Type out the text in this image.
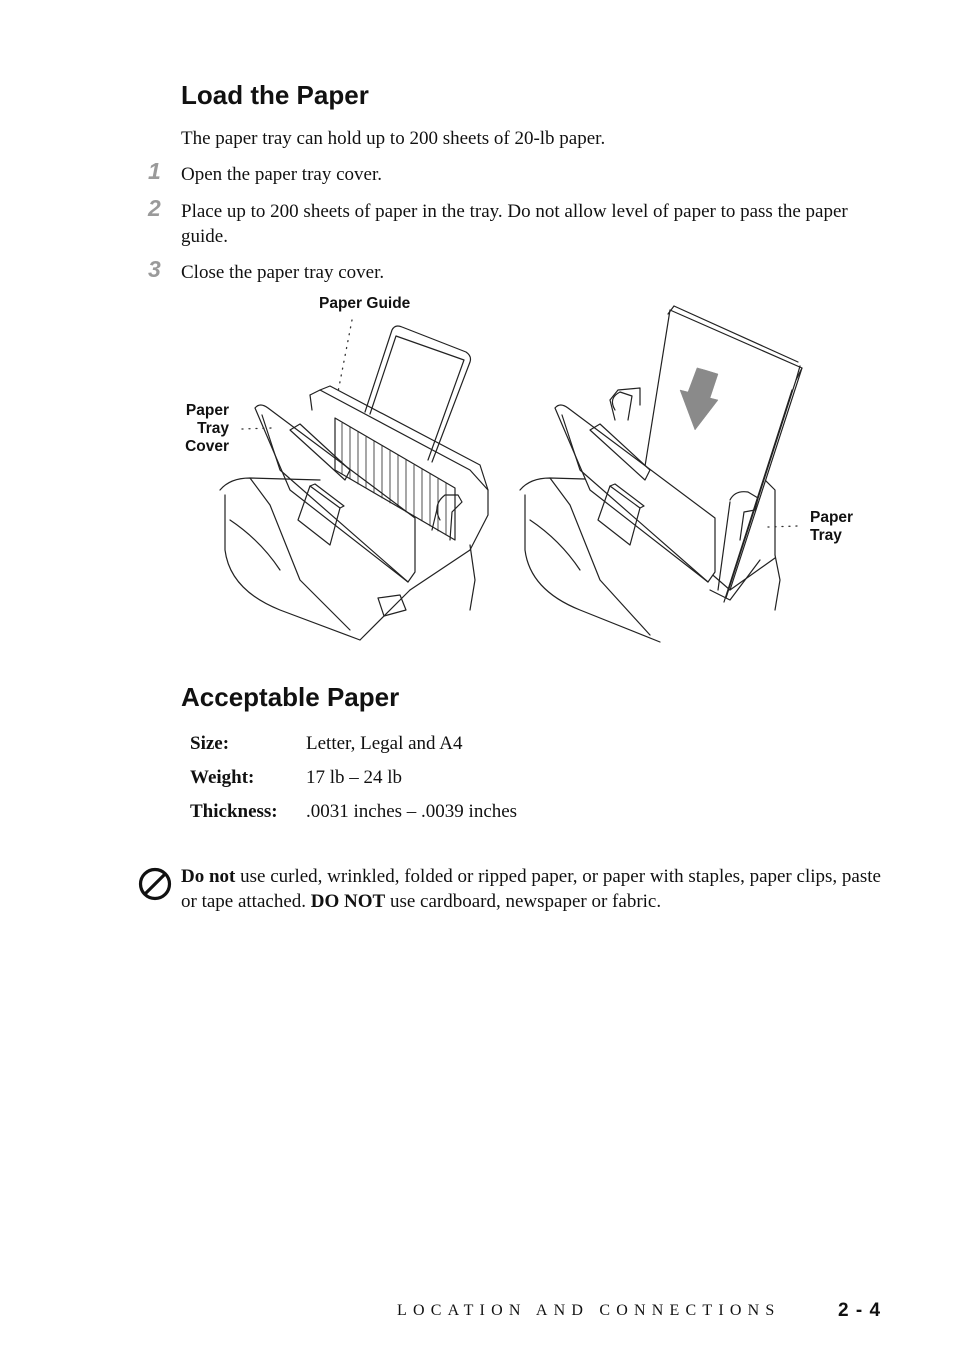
Load the Paper
The paper tray can hold up to 200 sheets of 20-lb paper.
1 Open the paper tray cover.
2 Place up to 200 sheets of paper in the tray. Do not allow level of paper to pass the paper guide.
3 Close the paper tray cover.
Paper Guide
Paper
Tray
Cover
Paper
Tray
Acceptable Paper
Size:	Letter, Legal and A4
Weight:	17 lb – 24 lb
Thickness: .0031 inches – .0039 inches
Do not use curled, wrinkled, folded or ripped paper, or paper with staples, paper clips, paste or tape attached. DO NOT use cardboard, newspaper or fabric.
LOCATION AND CONNECTIONS	2 - 4
